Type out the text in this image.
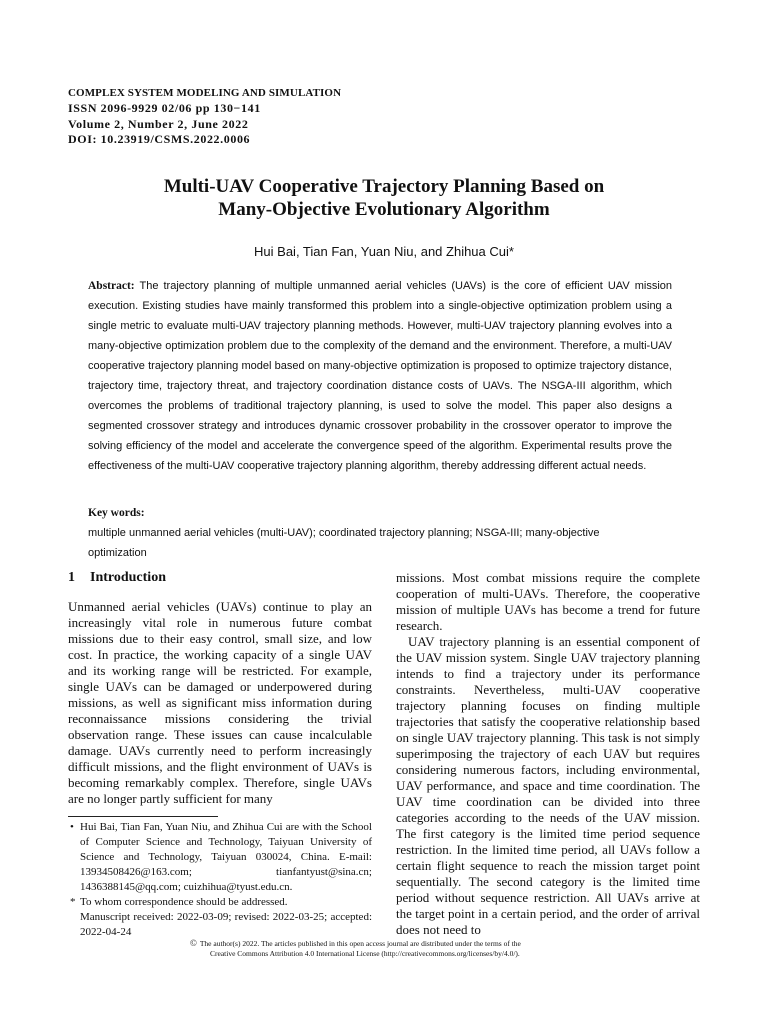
COMPLEX SYSTEM MODELING AND SIMULATION
ISSN 2096-9929 02/06 pp 130−141
Volume 2, Number 2, June 2022
DOI: 10.23919/CSMS.2022.0006
Multi-UAV Cooperative Trajectory Planning Based on
Many-Objective Evolutionary Algorithm
Hui Bai, Tian Fan, Yuan Niu, and Zhihua Cui*
Abstract: The trajectory planning of multiple unmanned aerial vehicles (UAVs) is the core of efficient UAV mission execution. Existing studies have mainly transformed this problem into a single-objective optimization problem using a single metric to evaluate multi-UAV trajectory planning methods. However, multi-UAV trajectory planning evolves into a many-objective optimization problem due to the complexity of the demand and the environment. Therefore, a multi-UAV cooperative trajectory planning model based on many-objective optimization is proposed to optimize trajectory distance, trajectory time, trajectory threat, and trajectory coordination distance costs of UAVs. The NSGA-III algorithm, which overcomes the problems of traditional trajectory planning, is used to solve the model. This paper also designs a segmented crossover strategy and introduces dynamic crossover probability in the crossover operator to improve the solving efficiency of the model and accelerate the convergence speed of the algorithm. Experimental results prove the effectiveness of the multi-UAV cooperative trajectory planning algorithm, thereby addressing different actual needs.
Key words: multiple unmanned aerial vehicles (multi-UAV); coordinated trajectory planning; NSGA-III; many-objective optimization
1 Introduction

Unmanned aerial vehicles (UAVs) continue to play an increasingly vital role in numerous future combat missions due to their easy control, small size, and low cost. In practice, the working capacity of a single UAV and its working range will be restricted. For example, single UAVs can be damaged or underpowered during missions, as well as significant miss information during reconnaissance missions considering the trivial observation range. These issues can cause incalculable damage. UAVs currently need to perform increasingly difficult missions, and the flight environment of UAVs is becoming remarkably complex. Therefore, single UAVs are no longer partly sufficient for many

missions. Most combat missions require the complete cooperation of multi-UAVs. Therefore, the cooperative mission of multiple UAVs has become a trend for future research.

UAV trajectory planning is an essential component of the UAV mission system. Single UAV trajectory planning intends to find a trajectory under its performance constraints. Nevertheless, multi-UAV cooperative trajectory planning focuses on finding multiple trajectories that satisfy the cooperative relationship based on single UAV trajectory planning. This task is not simply superimposing the trajectory of each UAV but requires considering numerous factors, including environmental, UAV performance, and space and time coordination. The UAV time coordination can be divided into three categories according to the needs of the UAV mission. The first category is the limited time period sequence restriction. In the limited time period, all UAVs follow a certain flight sequence to reach the mission target point sequentially. The second category is the limited time period without sequence restriction. All UAVs arrive at the target point in a certain period, and the order of arrival does not need to

• Hui Bai, Tian Fan, Yuan Niu, and Zhihua Cui are with the School of Computer Science and Technology, Taiyuan University of Science and Technology, Taiyuan 030024, China. E-mail: 13934508426@163.com; tianfantyust@sina.cn; 1436388145@qq.com; cuizhihua@tyust.edu.cn.
* To whom correspondence should be addressed.
Manuscript received: 2022-03-09; revised: 2022-03-25; accepted: 2022-04-24
© The author(s) 2022. The articles published in this open access journal are distributed under the terms of the
Creative Commons Attribution 4.0 International License (http://creativecommons.org/licenses/by/4.0/).
